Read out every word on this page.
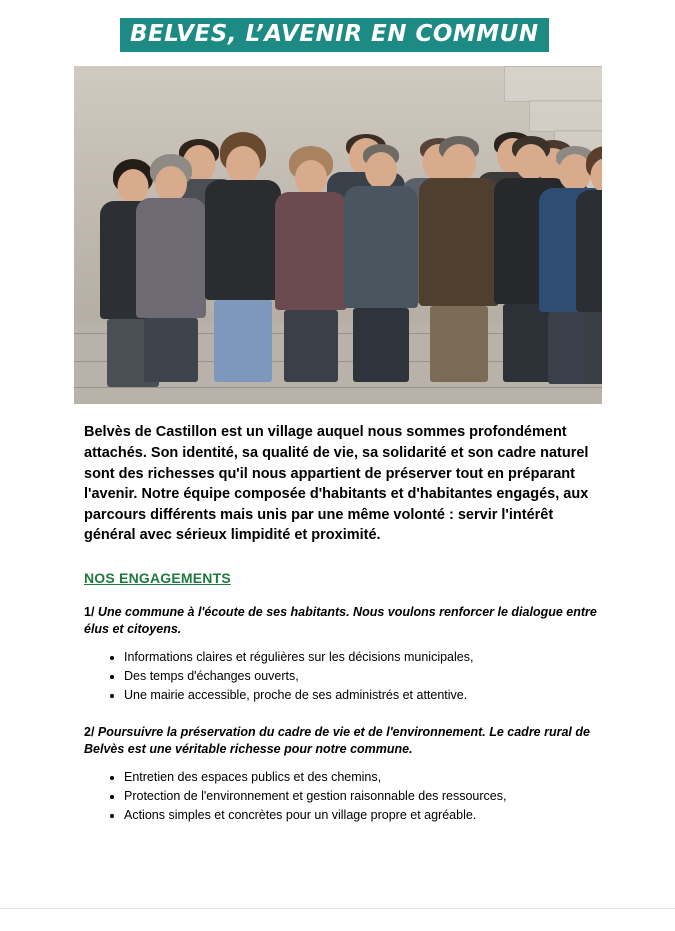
BELVES, L’AVENIR EN COMMUN

Belvès de Castillon est un village auquel nous sommes profondément attachés. Son identité, sa qualité de vie, sa solidarité et son cadre naturel sont des richesses qu'il nous appartient de préserver tout en préparant l'avenir. Notre équipe composée d'habitants et d'habitantes engagés, aux parcours différents mais unis par une même volonté : servir l'intérêt général avec sérieux limpidité et proximité.

NOS ENGAGEMENTS

1/ Une commune à l'écoute de ses habitants. Nous voulons renforcer le dialogue entre élus et citoyens.

• Informations claires et régulières sur les décisions municipales,
• Des temps d'échanges ouverts,
• Une mairie accessible, proche de ses administrés et attentive.

2/ Poursuivre la préservation du cadre de vie et de l'environnement. Le cadre rural de Belvès est une véritable richesse pour notre commune.

• Entretien des espaces publics et des chemins,
• Protection de l'environnement et gestion raisonnable des ressources,
• Actions simples et concrètes pour un village propre et agréable.
